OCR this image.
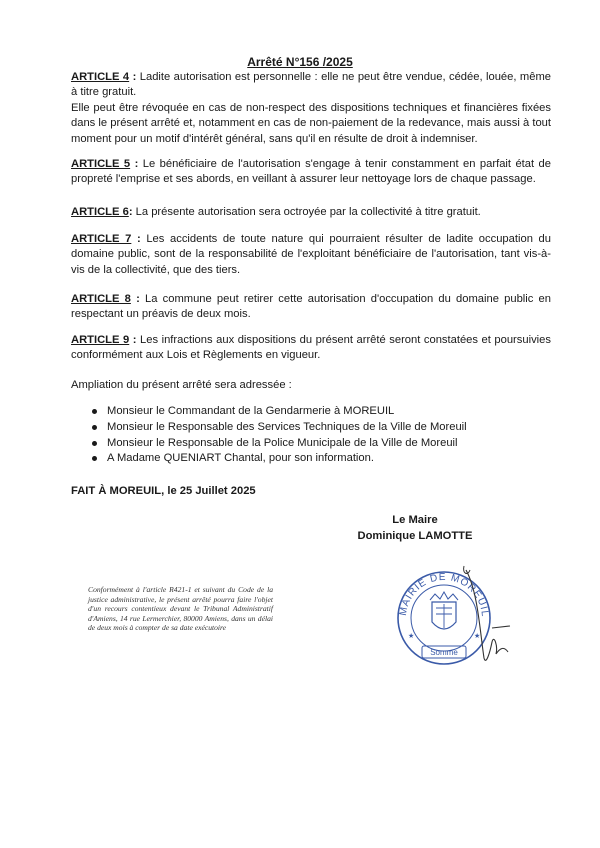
Arrêté N°156 /2025
ARTICLE 4 : Ladite autorisation est personnelle : elle ne peut être vendue, cédée, louée, même à titre gratuit.
Elle peut être révoquée en cas de non-respect des dispositions techniques et financières fixées dans le présent arrêté et, notamment en cas de non-paiement de la redevance, mais aussi à tout moment pour un motif d'intérêt général, sans qu'il en résulte de droit à indemniser.
ARTICLE 5 : Le bénéficiaire de l'autorisation s'engage à tenir constamment en parfait état de propreté l'emprise et ses abords, en veillant à assurer leur nettoyage lors de chaque passage.
ARTICLE 6: La présente autorisation sera octroyée par la collectivité à titre gratuit.
ARTICLE 7 : Les accidents de toute nature qui pourraient résulter de ladite occupation du domaine public, sont de la responsabilité de l'exploitant bénéficiaire de l'autorisation, tant vis-à-vis de la collectivité, que des tiers.
ARTICLE 8 : La commune peut retirer cette autorisation d'occupation du domaine public en respectant un préavis de deux mois.
ARTICLE 9 : Les infractions aux dispositions du présent arrêté seront constatées et poursuivies conformément aux Lois et Règlements en vigueur.
Ampliation du présent arrêté sera adressée :
Monsieur le Commandant de la Gendarmerie à MOREUIL
Monsieur le Responsable des Services Techniques de la Ville de Moreuil
Monsieur le Responsable de la Police Municipale de la Ville de Moreuil
A Madame QUENIART Chantal, pour son information.
FAIT À MOREUIL, le 25 Juillet 2025
Le Maire
Dominique LAMOTTE
Conformément à l'article R421-1 et suivant du Code de la justice administrative, le présent arrêté pourra faire l'objet d'un recours contentieux devant le Tribunal Administratif d'Amiens, 14 rue Lermerchier, 80000 Amiens, dans un délai de deux mois à compter de sa date exécutoire
MAIRIE DE MOREUIL
Somme
★	★
